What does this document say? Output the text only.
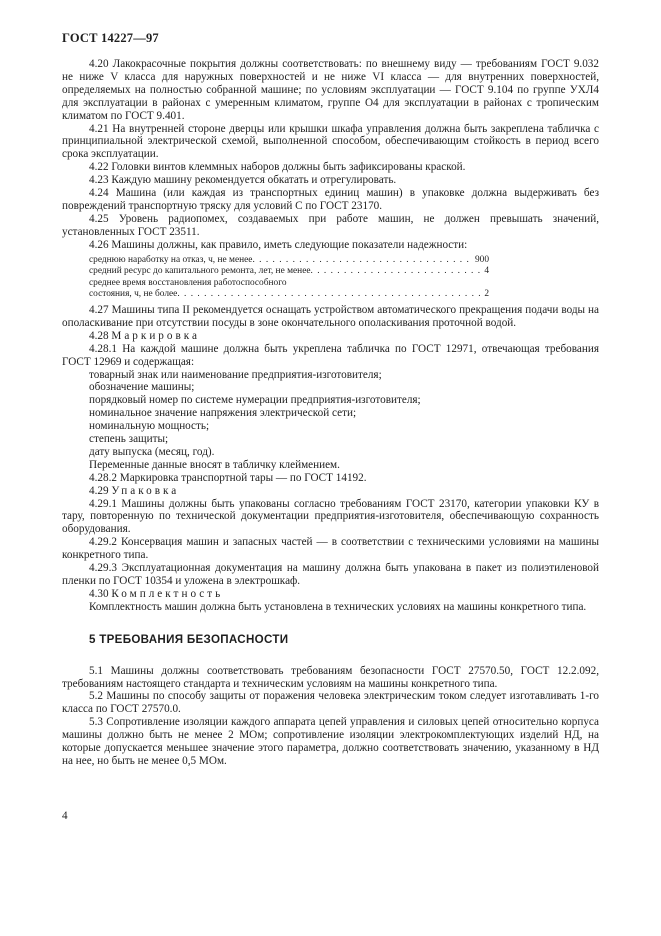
ГОСТ 14227—97

4.20 Лакокрасочные покрытия должны соответствовать: по внешнему виду — требованиям ГОСТ 9.032 не ниже V класса для наружных поверхностей и не ниже VI класса — для внутренних поверхностей, определяемых на полностью собранной машине; по условиям эксплуатации — ГОСТ 9.104 по группе УХЛ4 для эксплуатации в районах с умеренным климатом, группе О4 для эксплуатации в районах с тропическим климатом по ГОСТ 9.401.

4.21 На внутренней стороне дверцы или крышки шкафа управления должна быть закреплена табличка с принципиальной электрической схемой, выполненной способом, обеспечивающим стойкость в период всего срока эксплуатации.

4.22 Головки винтов клеммных наборов должны быть зафиксированы краской.

4.23 Каждую машину рекомендуется обкатать и отрегулировать.

4.24 Машина (или каждая из транспортных единиц машин) в упаковке должна выдерживать без повреждений транспортную тряску для условий С по ГОСТ 23170.

4.25 Уровень радиопомех, создаваемых при работе машин, не должен превышать значений, установленных ГОСТ 23511.

4.26 Машины должны, как правило, иметь следующие показатели надежности:

среднюю наработку на отказ, ч, не менее . . .	900
средний ресурс до капитального ремонта, лет, не менее . . .	4
среднее время восстановления работоспособного
состояния, ч, не более . . .	2

4.27 Машины типа II рекомендуется оснащать устройством автоматического прекращения подачи воды на ополаскивание при отсутствии посуды в зоне окончательного ополаскивания проточной водой.

4.28 Маркировка

4.28.1 На каждой машине должна быть укреплена табличка по ГОСТ 12971, отвечающая требования ГОСТ 12969 и содержащая:

товарный знак или наименование предприятия-изготовителя;

обозначение машины;

порядковый номер по системе нумерации предприятия-изготовителя;

номинальное значение напряжения электрической сети;

номинальную мощность;

степень защиты;

дату выпуска (месяц, год).

Переменные данные вносят в табличку клеймением.

4.28.2 Маркировка транспортной тары — по ГОСТ 14192.

4.29 Упаковка

4.29.1 Машины должны быть упакованы согласно требованиям ГОСТ 23170, категории упаковки КУ в тару, повторенную по технической документации предприятия-изготовителя, обеспечивающую сохранность оборудования.

4.29.2 Консервация машин и запасных частей — в соответствии с техническими условиями на машины конкретного типа.

4.29.3 Эксплуатационная документация на машину должна быть упакована в пакет из полиэтиленовой пленки по ГОСТ 10354 и уложена в электрошкаф.

4.30 Комплектность

Комплектность машин должна быть установлена в технических условиях на машины конкретного типа.

5 ТРЕБОВАНИЯ БЕЗОПАСНОСТИ

5.1 Машины должны соответствовать требованиям безопасности ГОСТ 27570.50, ГОСТ 12.2.092, требованиям настоящего стандарта и техническим условиям на машины конкретного типа.

5.2 Машины по способу защиты от поражения человека электрическим током следует изготавливать 1-го класса по ГОСТ 27570.0.

5.3 Сопротивление изоляции каждого аппарата цепей управления и силовых цепей относительно корпуса машины должно быть не менее 2 МОм; сопротивление изоляции электрокомплектующих изделий НД, на которые допускается меньшее значение этого параметра, должно соответствовать значению, указанному в НД на нее, но быть не менее 0,5 МОм.

4
